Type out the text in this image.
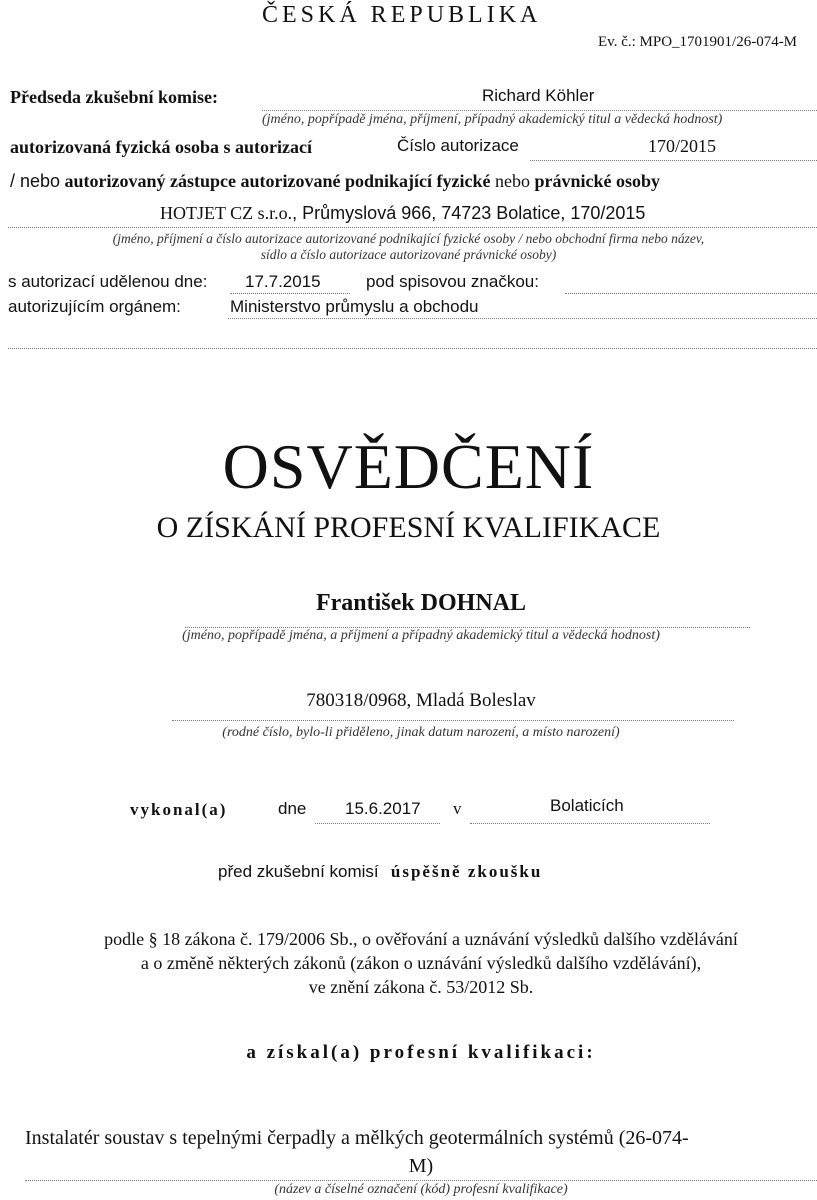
ČESKÁ REPUBLIKA
Ev. č.: MPO_1701901/26-074-M
Předseda zkušební komise:	Richard Köhler
(jméno, popřípadě jména, příjmení, případný akademický titul a vědecká hodnost)
autorizovaná fyzická osoba s autorizací	Číslo autorizace	170/2015
/ nebo autorizovaný zástupce autorizované podnikající fyzické nebo právnické osoby
HOTJET CZ s.r.o., Průmyslová 966, 74723 Bolatice, 170/2015
(jméno, příjmení a číslo autorizace autorizované podnikající fyzické osoby / nebo obchodní firma nebo název,
sídlo a číslo autorizace autorizované právnické osoby)
s autorizací udělenou dne: 17.7.2015	pod spisovou značkou:
autorizujícím orgánem:	Ministerstvo průmyslu a obchodu
OSVĚDČENÍ
O ZÍSKÁNÍ PROFESNÍ KVALIFIKACE
František DOHNAL
(jméno, popřípadě jména, a příjmení a případný akademický titul a vědecká hodnost)
780318/0968, Mladá Boleslav
(rodné číslo, bylo-li přiděleno, jinak datum narození, a místo narození)
vykonal(a)	dne 15.6.2017 v	Bolaticích
před zkušební komisí úspěšně zkoušku
podle § 18 zákona č. 179/2006 Sb., o ověřování a uznávání výsledků dalšího vzdělávání
a o změně některých zákonů (zákon o uznávání výsledků dalšího vzdělávání),
ve znění zákona č. 53/2012 Sb.
a získal(a) profesní kvalifikaci:
Instalatér soustav s tepelnými čerpadly a mělkých geotermálních systémů (26-074-
M)
(název a číselné označení (kód) profesní kvalifikace)
